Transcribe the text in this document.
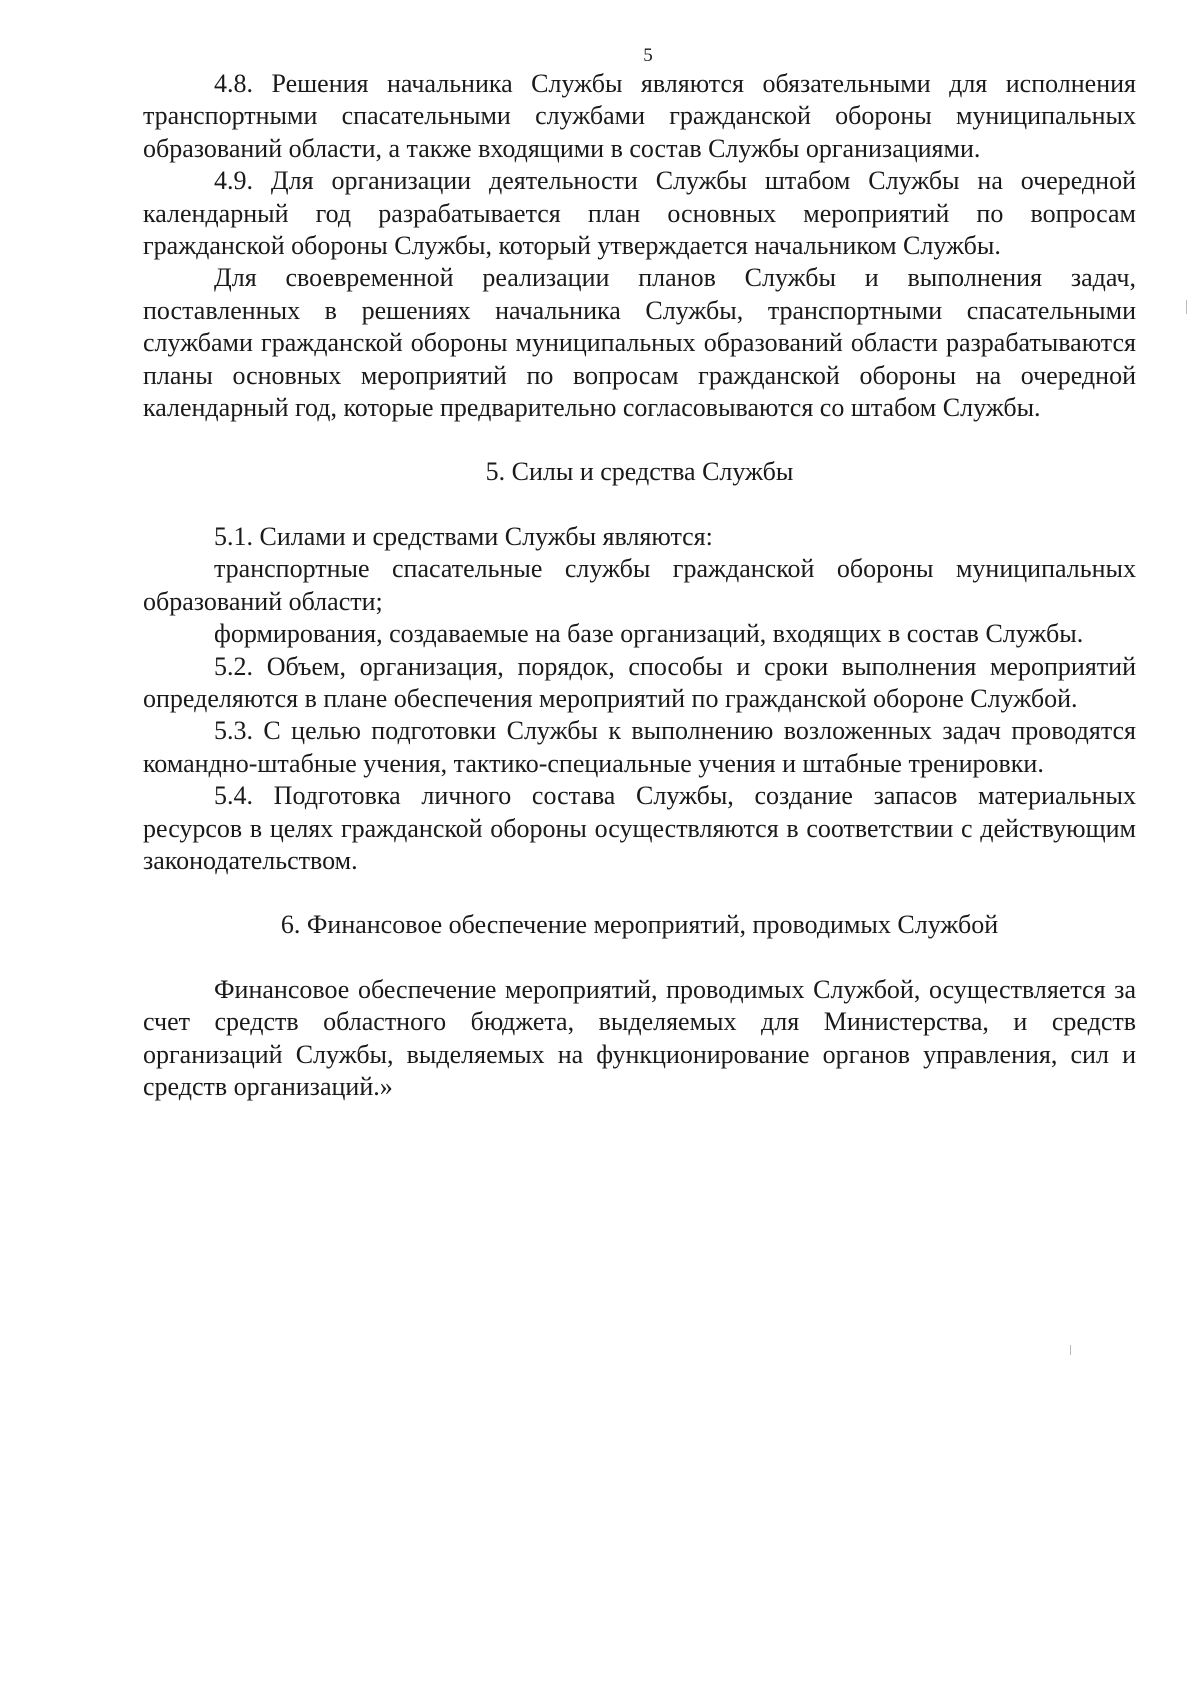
5

4.8. Решения начальника Службы являются обязательными для исполнения транспортными спасательными службами гражданской обороны муниципальных образований области, а также входящими в состав Службы организациями.

4.9. Для организации деятельности Службы штабом Службы на очередной календарный год разрабатывается план основных мероприятий по вопросам гражданской обороны Службы, который утверждается начальником Службы.

Для своевременной реализации планов Службы и выполнения задач, поставленных в решениях начальника Службы, транспортными спасательными службами гражданской обороны муниципальных образований области разрабатываются планы основных мероприятий по вопросам гражданской обороны на очередной календарный год, которые предварительно согласовываются со штабом Службы.

5. Силы и средства Службы

5.1. Силами и средствами Службы являются:

транспортные спасательные службы гражданской обороны муниципальных образований области;

формирования, создаваемые на базе организаций, входящих в состав Службы.

5.2. Объем, организация, порядок, способы и сроки выполнения мероприятий определяются в плане обеспечения мероприятий по гражданской обороне Службой.

5.3. С целью подготовки Службы к выполнению возложенных задач проводятся командно-штабные учения, тактико-специальные учения и штабные тренировки.

5.4. Подготовка личного состава Службы, создание запасов материальных ресурсов в целях гражданской обороны осуществляются в соответствии с действующим законодательством.

6. Финансовое обеспечение мероприятий, проводимых Службой

Финансовое обеспечение мероприятий, проводимых Службой, осуществляется за счет средств областного бюджета, выделяемых для Министерства, и средств организаций Службы, выделяемых на функционирование органов управления, сил и средств организаций.»
